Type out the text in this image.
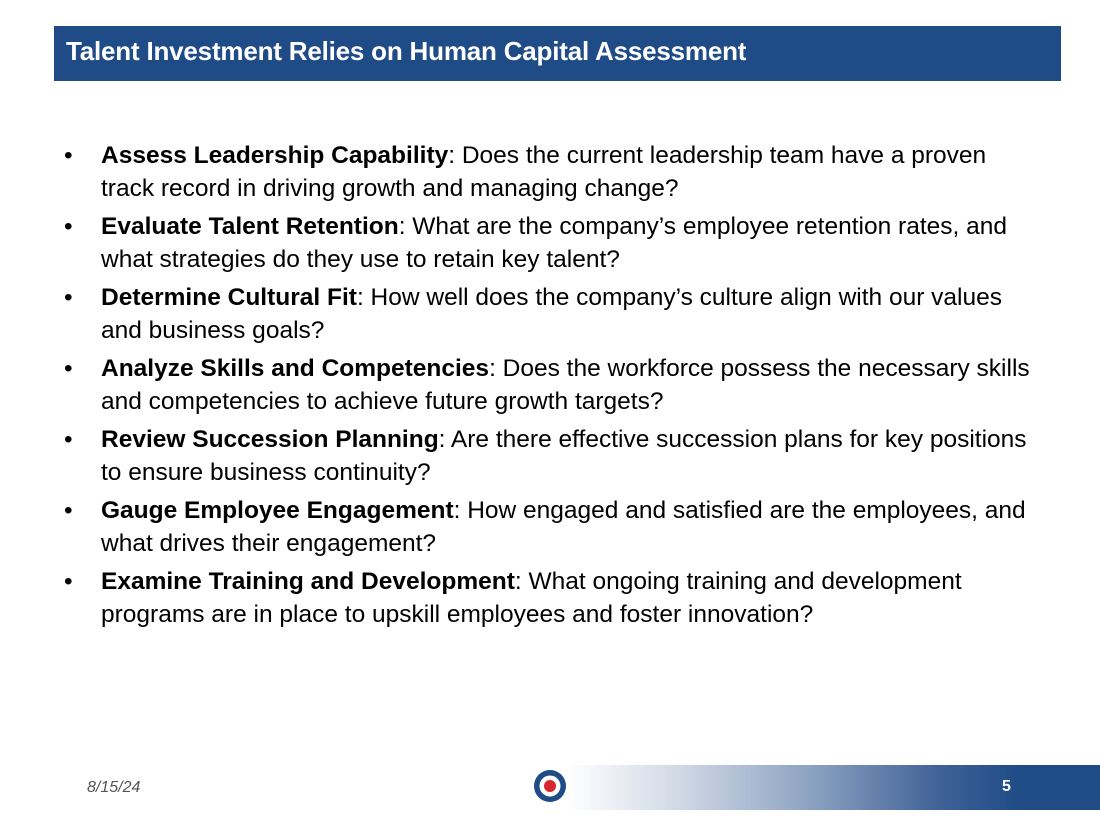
Talent Investment Relies on Human Capital Assessment
• Assess Leadership Capability: Does the current leadership team have a proven track record in driving growth and managing change?
• Evaluate Talent Retention: What are the company’s employee retention rates, and what strategies do they use to retain key talent?
• Determine Cultural Fit: How well does the company’s culture align with our values and business goals?
• Analyze Skills and Competencies: Does the workforce possess the necessary skills and competencies to achieve future growth targets?
• Review Succession Planning: Are there effective succession plans for key positions to ensure business continuity?
• Gauge Employee Engagement: How engaged and satisfied are the employees, and what drives their engagement?
• Examine Training and Development: What ongoing training and development programs are in place to upskill employees and foster innovation?
8/15/24	5
